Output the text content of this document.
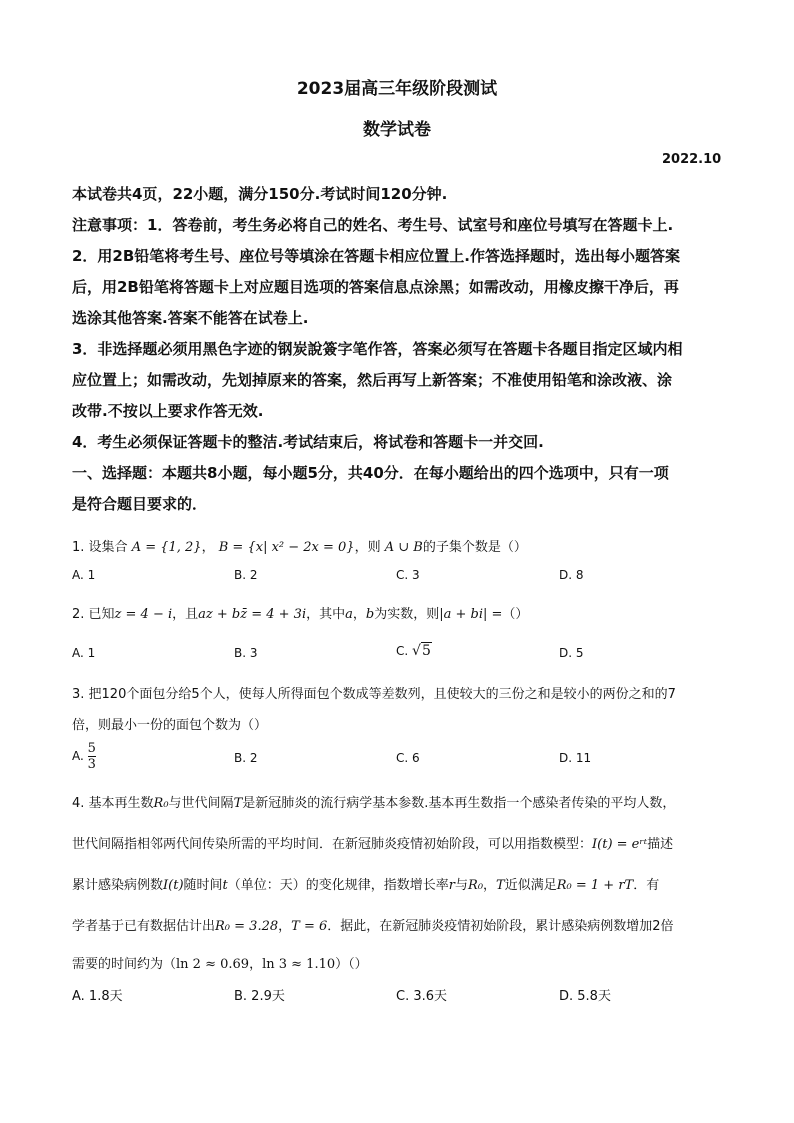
2023届高三年级阶段测试
数学试卷
2022.10
本试卷共4页，22小题，满分150分.考试时间120分钟.
注意事项：1．答卷前，考生务必将自己的姓名、考生号、试室号和座位号填写在答题卡上.
2．用2B铅笔将考生号、座位号等填涂在答题卡相应位置上.作答选择题时，选出每小题答案
后，用2B铅笔将答题卡上对应题目选项的答案信息点涂黑；如需改动，用橡皮擦干净后，再
选涂其他答案.答案不能答在试卷上.
3．非选择题必须用黑色字迹的钢炭說簽字笔作答，答案必须写在答题卡各题目指定区域内相
应位置上；如需改动，先划掉原来的答案，然后再写上新答案；不准使用铅笔和涂改液、涂
改带.不按以上要求作答无效.
4．考生必须保证答题卡的整洁.考试结束后，将试卷和答题卡一并交回.
一、选择题：本题共8小题，每小题5分，共40分．在每小题给出的四个选项中，只有一项
是符合题目要求的．
1. 设集合 A = {1, 2}， B = {x| x² − 2x = 0}，则 A ∪ B的子集个数是（）
A. 1	B. 2	C. 3	D. 8
2. 已知z = 4 − i，且az + bz̄ = 4 + 3i，其中a，b为实数，则|a + bi| =（）
A. 1	B. 3	C. √5	D. 5
3. 把120个面包分给5个人，使每人所得面包个数成等差数列，且使较大的三份之和是较小的两份之和的7
倍，则最小一份的面包个数为（）
A. $\frac{5}{3}$	B. 2	C. 6	D. 11
4. 基本再生数R₀与世代间隔T是新冠肺炎的流行病学基本参数.基本再生数指一个感染者传染的平均人数，
世代间隔指相邻两代间传染所需的平均时间．在新冠肺炎疫情初始阶段，可以用指数模型：I(t) = eʳᵗ描述
累计感染病例数I(t)随时间t（单位：天）的变化规律，指数增长率r与R₀，T近似满足R₀ = 1 + rT．有
学者基于已有数据估计出R₀ = 3.28，T = 6．据此，在新冠肺炎疫情初始阶段，累计感染病例数增加2倍
需要的时间约为（ln 2 ≈ 0.69，ln 3 ≈ 1.10）（）
A. 1.8天	B. 2.9天	C. 3.6天	D. 5.8天
